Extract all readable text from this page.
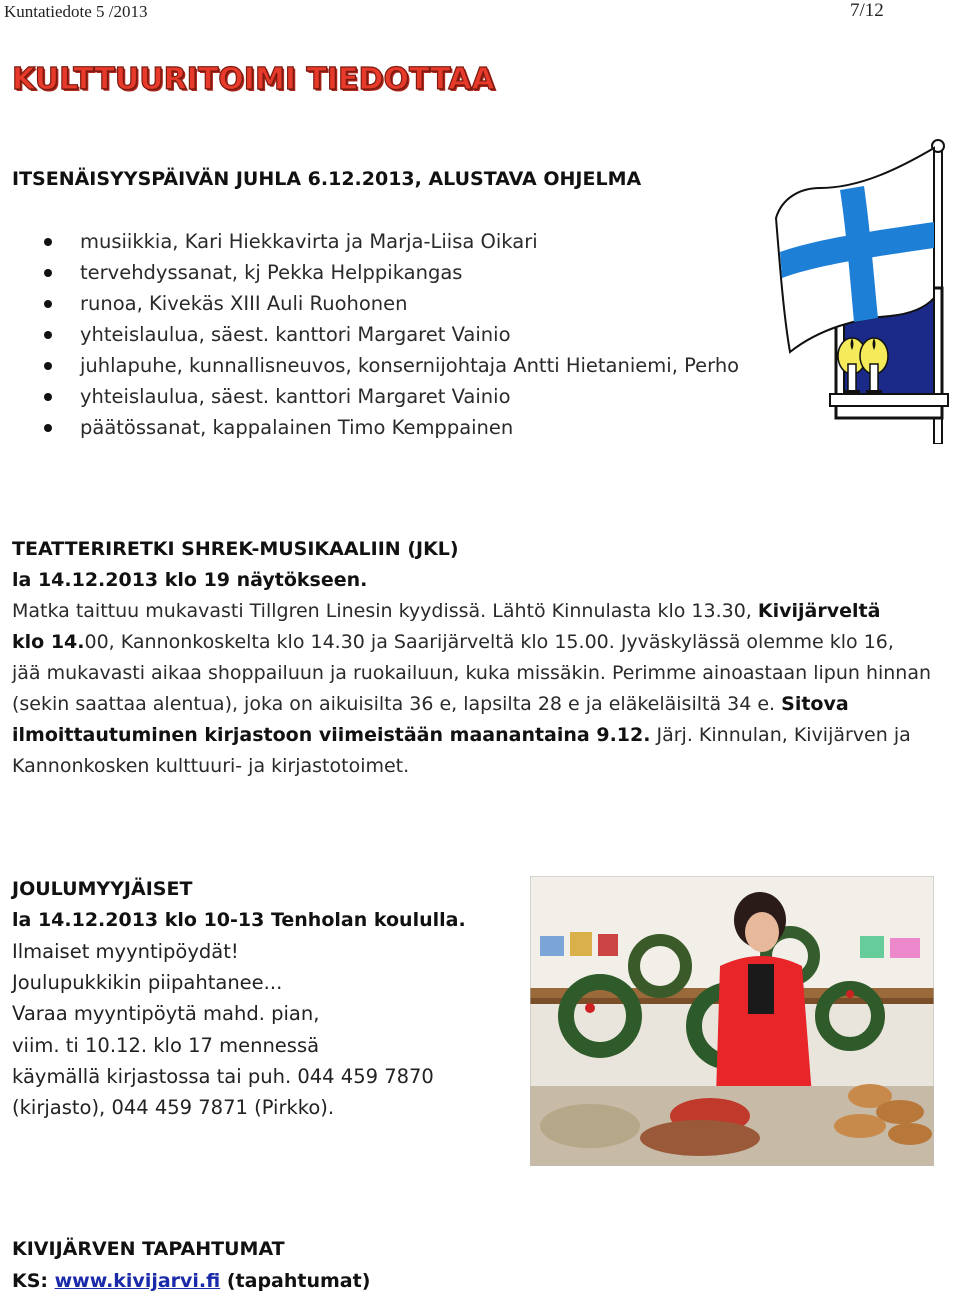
Kuntatiedote 5 /2013	7/12
KULTTUURITOIMI TIEDOTTAA
ITSENÄISYYSPÄIVÄN JUHLA 6.12.2013, ALUSTAVA OHJELMA
musiikkia, Kari Hiekkavirta ja Marja-Liisa Oikari
tervehdyssanat, kj Pekka Helppikangas
runoa, Kivekäs XIII Auli Ruohonen
yhteislaulua, säest. kanttori Margaret Vainio
juhlapuhe, kunnallisneuvos, konsernijohtaja Antti Hietaniemi, Perho
yhteislaulua, säest. kanttori Margaret Vainio
päätössanat, kappalainen Timo Kemppainen
TEATTERIRETKI SHREK-MUSIKAALIIN (JKL)
la 14.12.2013 klo 19 näytökseen.
Matka taittuu mukavasti Tillgren Linesin kyydissä. Lähtö Kinnulasta klo 13.30, Kivijärveltä
klo 14.00, Kannonkoskelta klo 14.30 ja Saarijärveltä klo 15.00. Jyväskylässä olemme klo 16,
jää mukavasti aikaa shoppailuun ja ruokailuun, kuka missäkin. Perimme ainoastaan lipun hinnan
(sekin saattaa alentua), joka on aikuisilta 36 e, lapsilta 28 e ja eläkeläisiltä 34 e. Sitova
ilmoittautuminen kirjastoon viimeistään maanantaina 9.12. Järj. Kinnulan, Kivijärven ja
Kannonkosken kulttuuri- ja kirjastotoimet.
JOULUMYYJÄISET
la 14.12.2013 klo 10-13 Tenholan koululla.
Ilmaiset myyntipöydät!
Joulupukkikin piipahtanee...
Varaa myyntipöytä mahd. pian,
viim. ti 10.12. klo 17 mennessä
käymällä kirjastossa tai puh. 044 459 7870
(kirjasto), 044 459 7871 (Pirkko).
KIVIJÄRVEN TAPAHTUMAT
KS: www.kivijarvi.fi (tapahtumat)
